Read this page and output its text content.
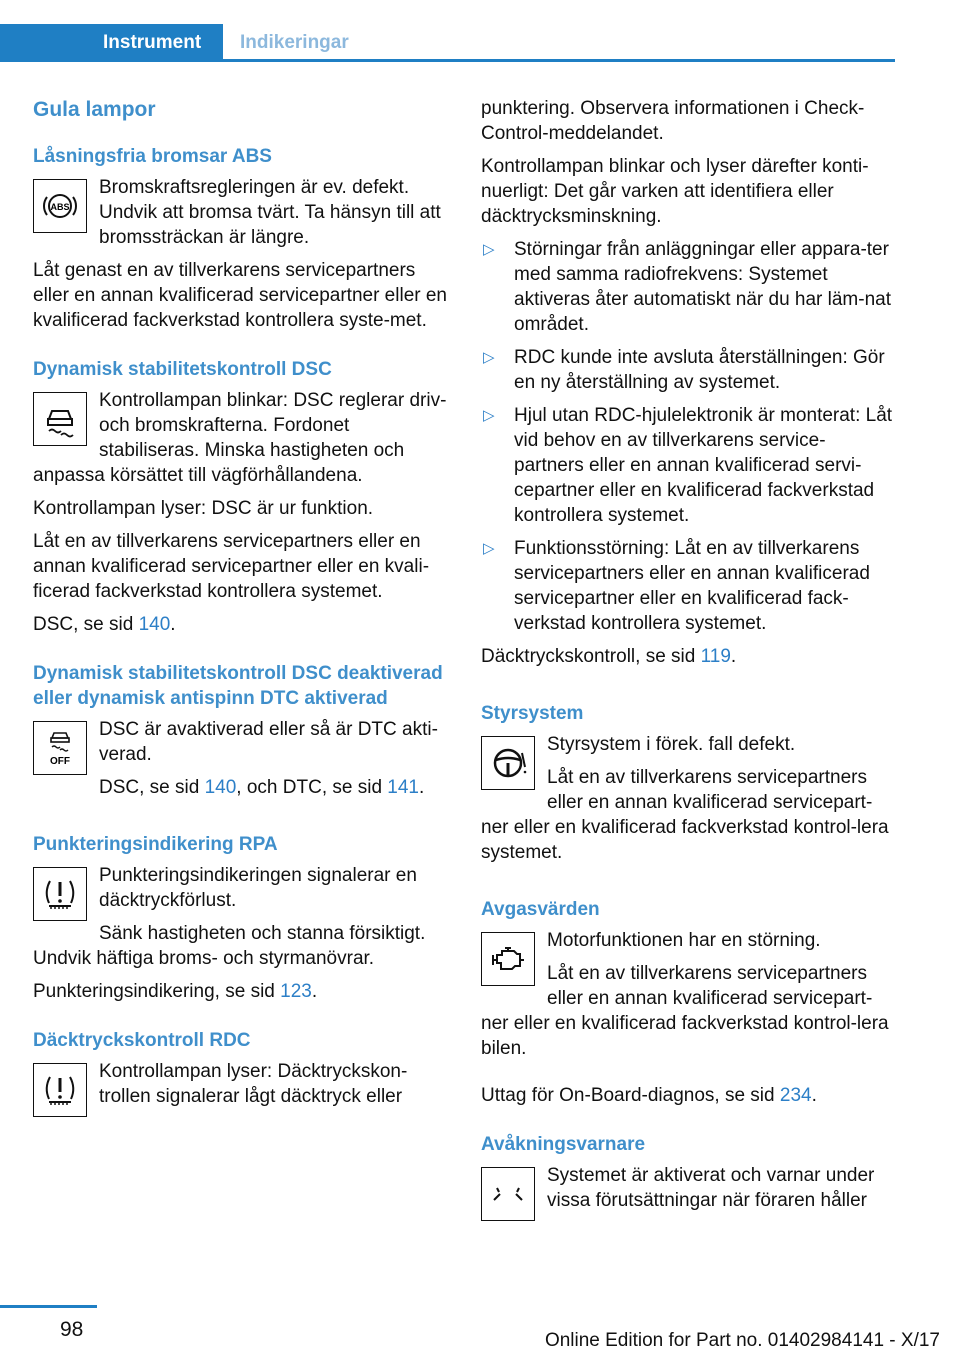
Instrument	Indikeringar
Gula lampor
Låsningsfria bromsar ABS
ABS

Bromskraftsregleringen är ev. defekt. Undvik att bromsa tvärt. Ta hänsyn till att bromssträckan är längre.

Låt genast en av tillverkarens servicepartners eller en annan kvalificerad servicepartner eller en kvalificerad fackverkstad kontrollera syste‐met.

Dynamisk stabilitetskontroll DSC

Kontrollampan blinkar: DSC reglerar driv- och bromskrafterna. Fordonet stabiliseras. Minska hastigheten och anpassa körsättet till vägförhållandena.

Kontrollampan lyser: DSC är ur funktion.

Låt en av tillverkarens servicepartners eller en annan kvalificerad servicepartner eller en kvali‐ficerad fackverkstad kontrollera systemet.

DSC, se sid 140.

Dynamisk stabilitetskontroll DSC deaktiverad eller dynamisk antispinn DTC aktiverad
OFF

DSC är avaktiverad eller så är DTC akti‐verad.

DSC, se sid 140, och DTC, se sid 141.

Punkteringsindikering RPA

Punkteringsindikeringen signalerar en däcktryckförlust.

Sänk hastigheten och stanna försiktigt. Undvik häftiga broms- och styrmanövrar.

Punkteringsindikering, se sid 123.

Däcktryckskontroll RDC

Kontrollampan lyser: Däcktryckskon‐trollen signalerar lågt däcktryck eller

punktering. Observera informationen i Check-Control-meddelandet.

Kontrollampan blinkar och lyser därefter konti‐nuerligt: Det går varken att identifiera eller däcktrycksminskning.

▷ Störningar från anläggningar eller appara‐ter med samma radiofrekvens: Systemet aktiveras åter automatiskt när du har läm‐nat området.
▷ RDC kunde inte avsluta återställningen: Gör en ny återställning av systemet.
▷ Hjul utan RDC-hjulelektronik är monterat: Låt vid behov en av tillverkarens service‐partners eller en annan kvalificerad servi‐cepartner eller en kvalificerad fackverkstad kontrollera systemet.
▷ Funktionsstörning: Låt en av tillverkarens servicepartners eller en annan kvalificerad servicepartner eller en kvalificerad fack‐verkstad kontrollera systemet.

Däcktryckskontroll, se sid 119.

Styrsystem

Styrsystem i förek. fall defekt.

Låt en av tillverkarens servicepartners eller en annan kvalificerad servicepart‐ner eller en kvalificerad fackverkstad kontrol‐lera systemet.

Avgasvärden

Motorfunktionen har en störning.

Låt en av tillverkarens servicepartners eller en annan kvalificerad servicepart‐ner eller en kvalificerad fackverkstad kontrol‐lera bilen.

Uttag för On-Board-diagnos, se sid 234.

Avåkningsvarnare

Systemet är aktiverat och varnar under vissa förutsättningar när föraren håller

98	Online Edition for Part no. 01402984141 - X/17
